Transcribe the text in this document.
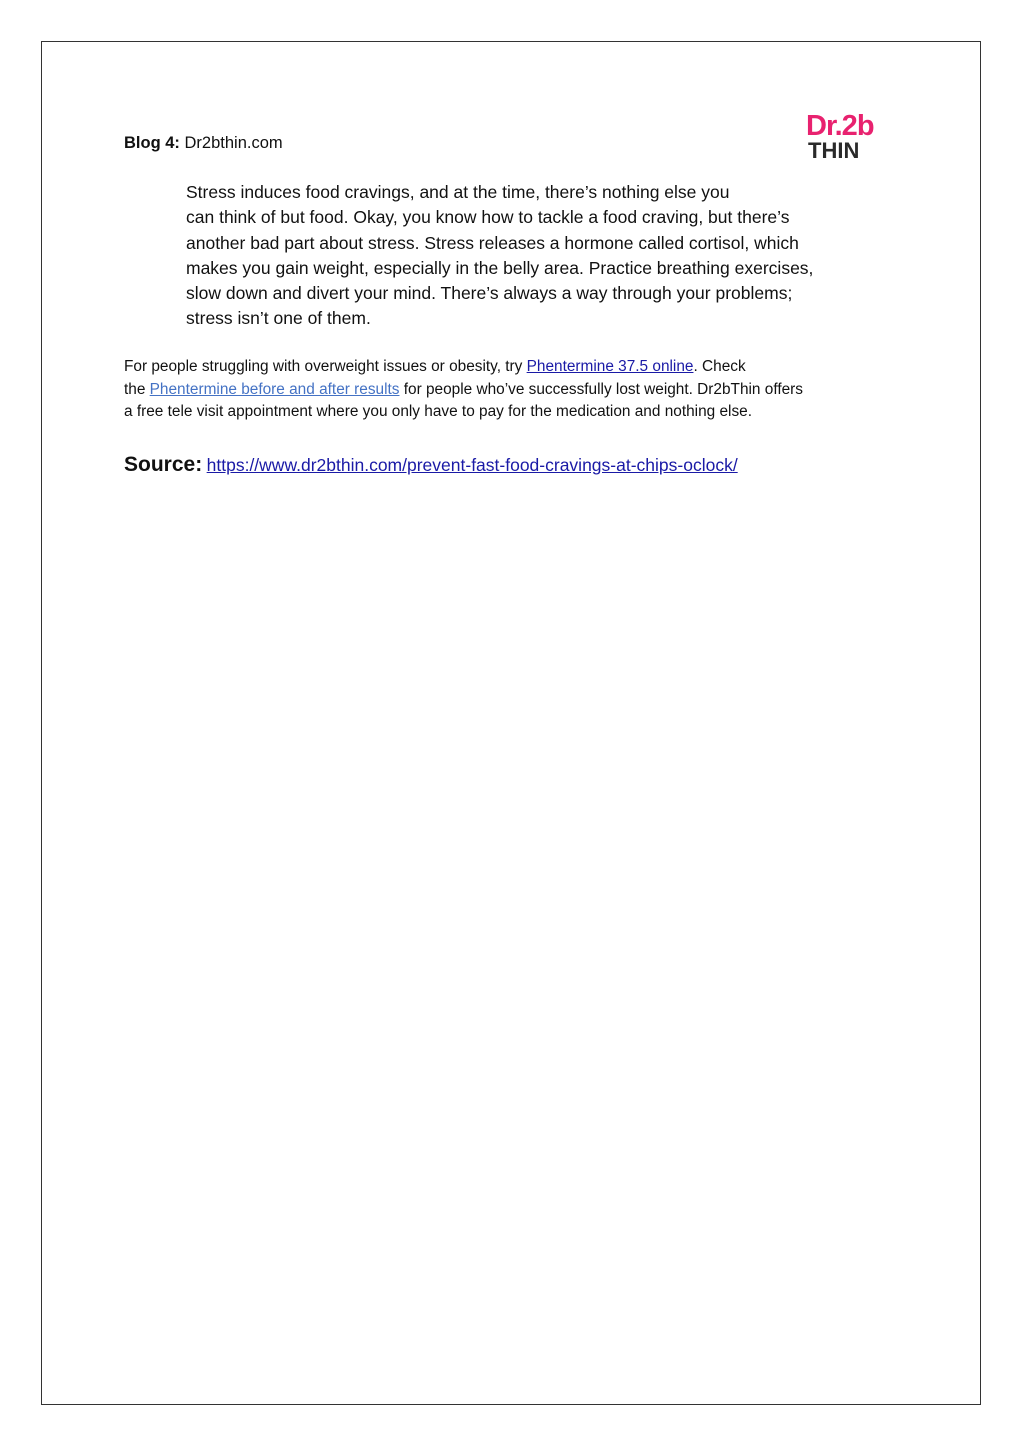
Blog 4: Dr2bthin.com
Dr.2b
THIN
Stress induces food cravings, and at the time, there’s nothing else you
can think of but food. Okay, you know how to tackle a food craving, but there’s
another bad part about stress. Stress releases a hormone called cortisol, which
makes you gain weight, especially in the belly area. Practice breathing exercises,
slow down and divert your mind. There’s always a way through your problems;
stress isn’t one of them.
For people struggling with overweight issues or obesity, try Phentermine 37.5 online. Check
the Phentermine before and after results for people who’ve successfully lost weight. Dr2bThin offers
a free tele visit appointment where you only have to pay for the medication and nothing else.
Source: https://www.dr2bthin.com/prevent-fast-food-cravings-at-chips-oclock/
